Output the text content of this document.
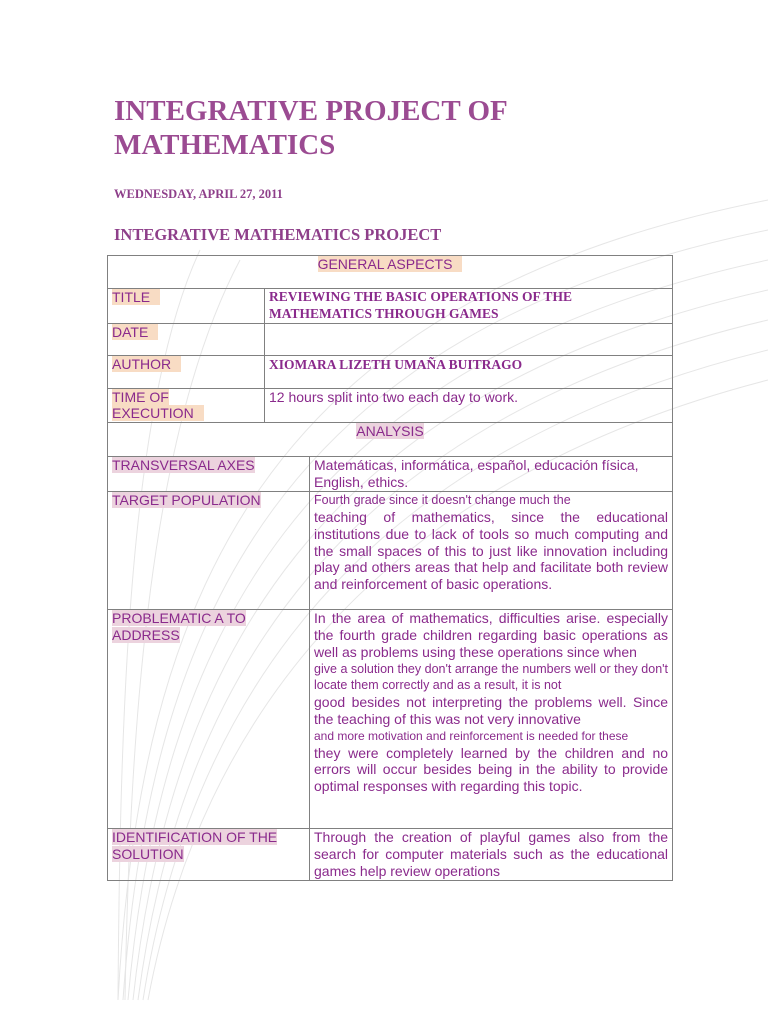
INTEGRATIVE PROJECT OF MATHEMATICS
WEDNESDAY, APRIL 27, 2011
INTEGRATIVE MATHEMATICS PROJECT
GENERAL ASPECTS		
TITLE	REVIEWING THE BASIC OPERATIONS OF THE MATHEMATICS THROUGH GAMES	
DATE		
AUTHOR	XIOMARA LIZETH UMAÑA BUITRAGO	
TIME OF EXECUTION	12 hours split into two each day to work.	
ANALYSIS		
TRANSVERSAL AXES		Matemáticas, informática, español, educación física, English, ethics.
TARGET POPULATION		Fourth grade since it doesn't change much the
teaching of mathematics, since the educational institutions due to lack of tools so much computing and the small spaces of this to just like innovation including play and others areas that help and facilitate both review and reinforcement of basic operations.

PROBLEMATIC A TO ADDRESS		In the area of mathematics, difficulties arise. especially the fourth grade children regarding basic operations as well as problems using these operations since when
give a solution they don't arrange the numbers well or they don't locate them correctly and as a result, it is not
good besides not interpreting the problems well. Since the teaching of this was not very innovative
and more motivation and reinforcement is needed for these
they were completely learned by the children and no errors will occur besides being in the ability to provide optimal responses with regarding this topic.

IDENTIFICATION OF THE SOLUTION		Through the creation of playful games also from the search for computer materials such as the educational games help review operations
